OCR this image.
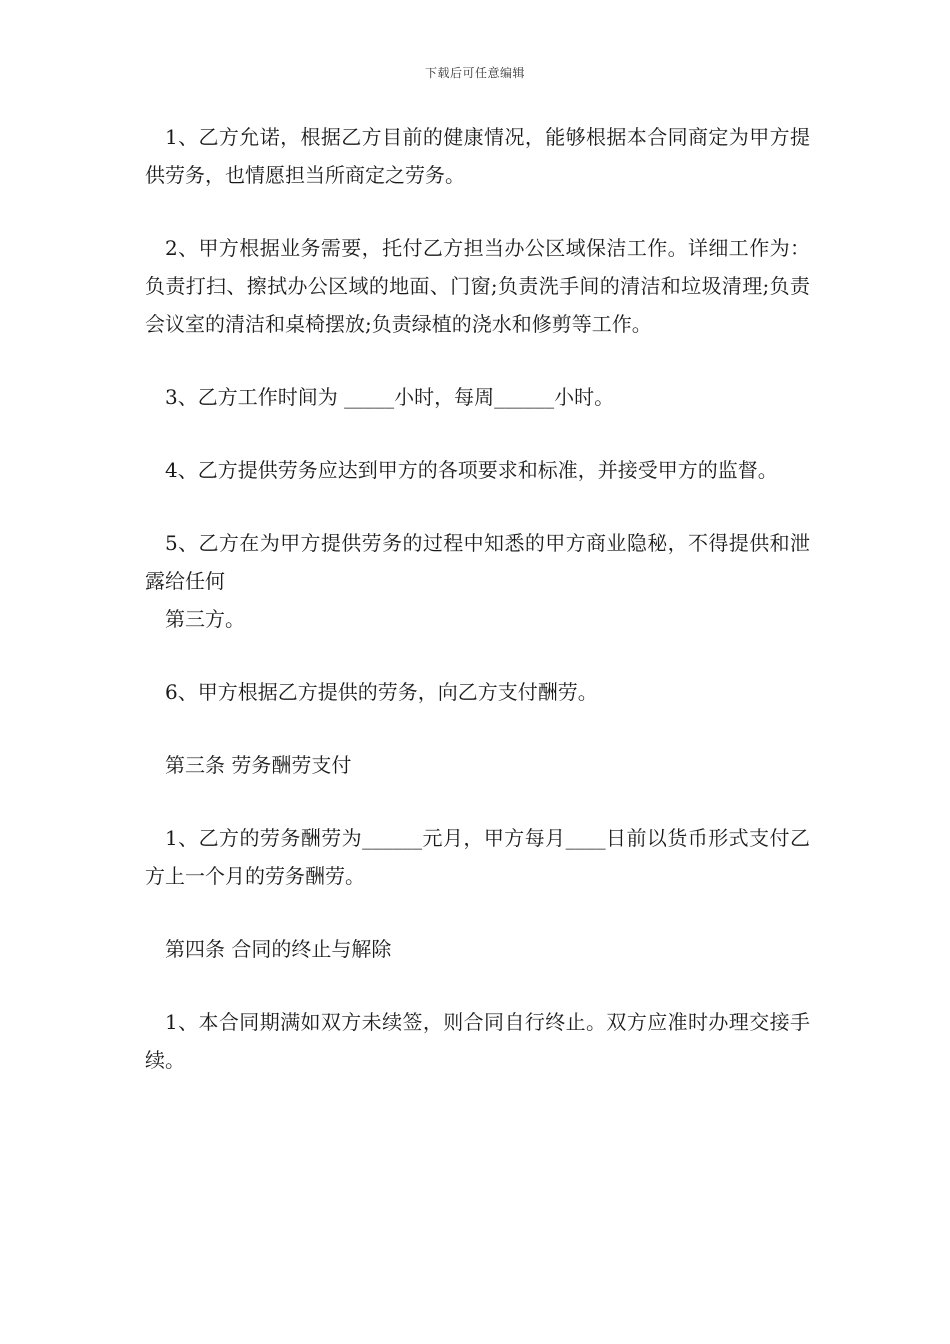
下载后可任意编辑

1、乙方允诺，根据乙方目前的健康情况，能够根据本合同商定为甲方提供劳务，也情愿担当所商定之劳务。

2、甲方根据业务需要，托付乙方担当办公区域保洁工作。详细工作为：负责打扫、擦拭办公区域的地面、门窗;负责洗手间的清洁和垃圾清理;负责会议室的清洁和桌椅摆放;负责绿植的浇水和修剪等工作。

3、乙方工作时间为 _____小时，每周______小时。

4、乙方提供劳务应达到甲方的各项要求和标准，并接受甲方的监督。

5、乙方在为甲方提供劳务的过程中知悉的甲方商业隐秘，不得提供和泄露给任何
第三方。

6、甲方根据乙方提供的劳务，向乙方支付酬劳。

第三条 劳务酬劳支付

1、乙方的劳务酬劳为______元月，甲方每月____日前以货币形式支付乙方上一个月的劳务酬劳。

第四条 合同的终止与解除

1、本合同期满如双方未续签，则合同自行终止。双方应准时办理交接手续。
